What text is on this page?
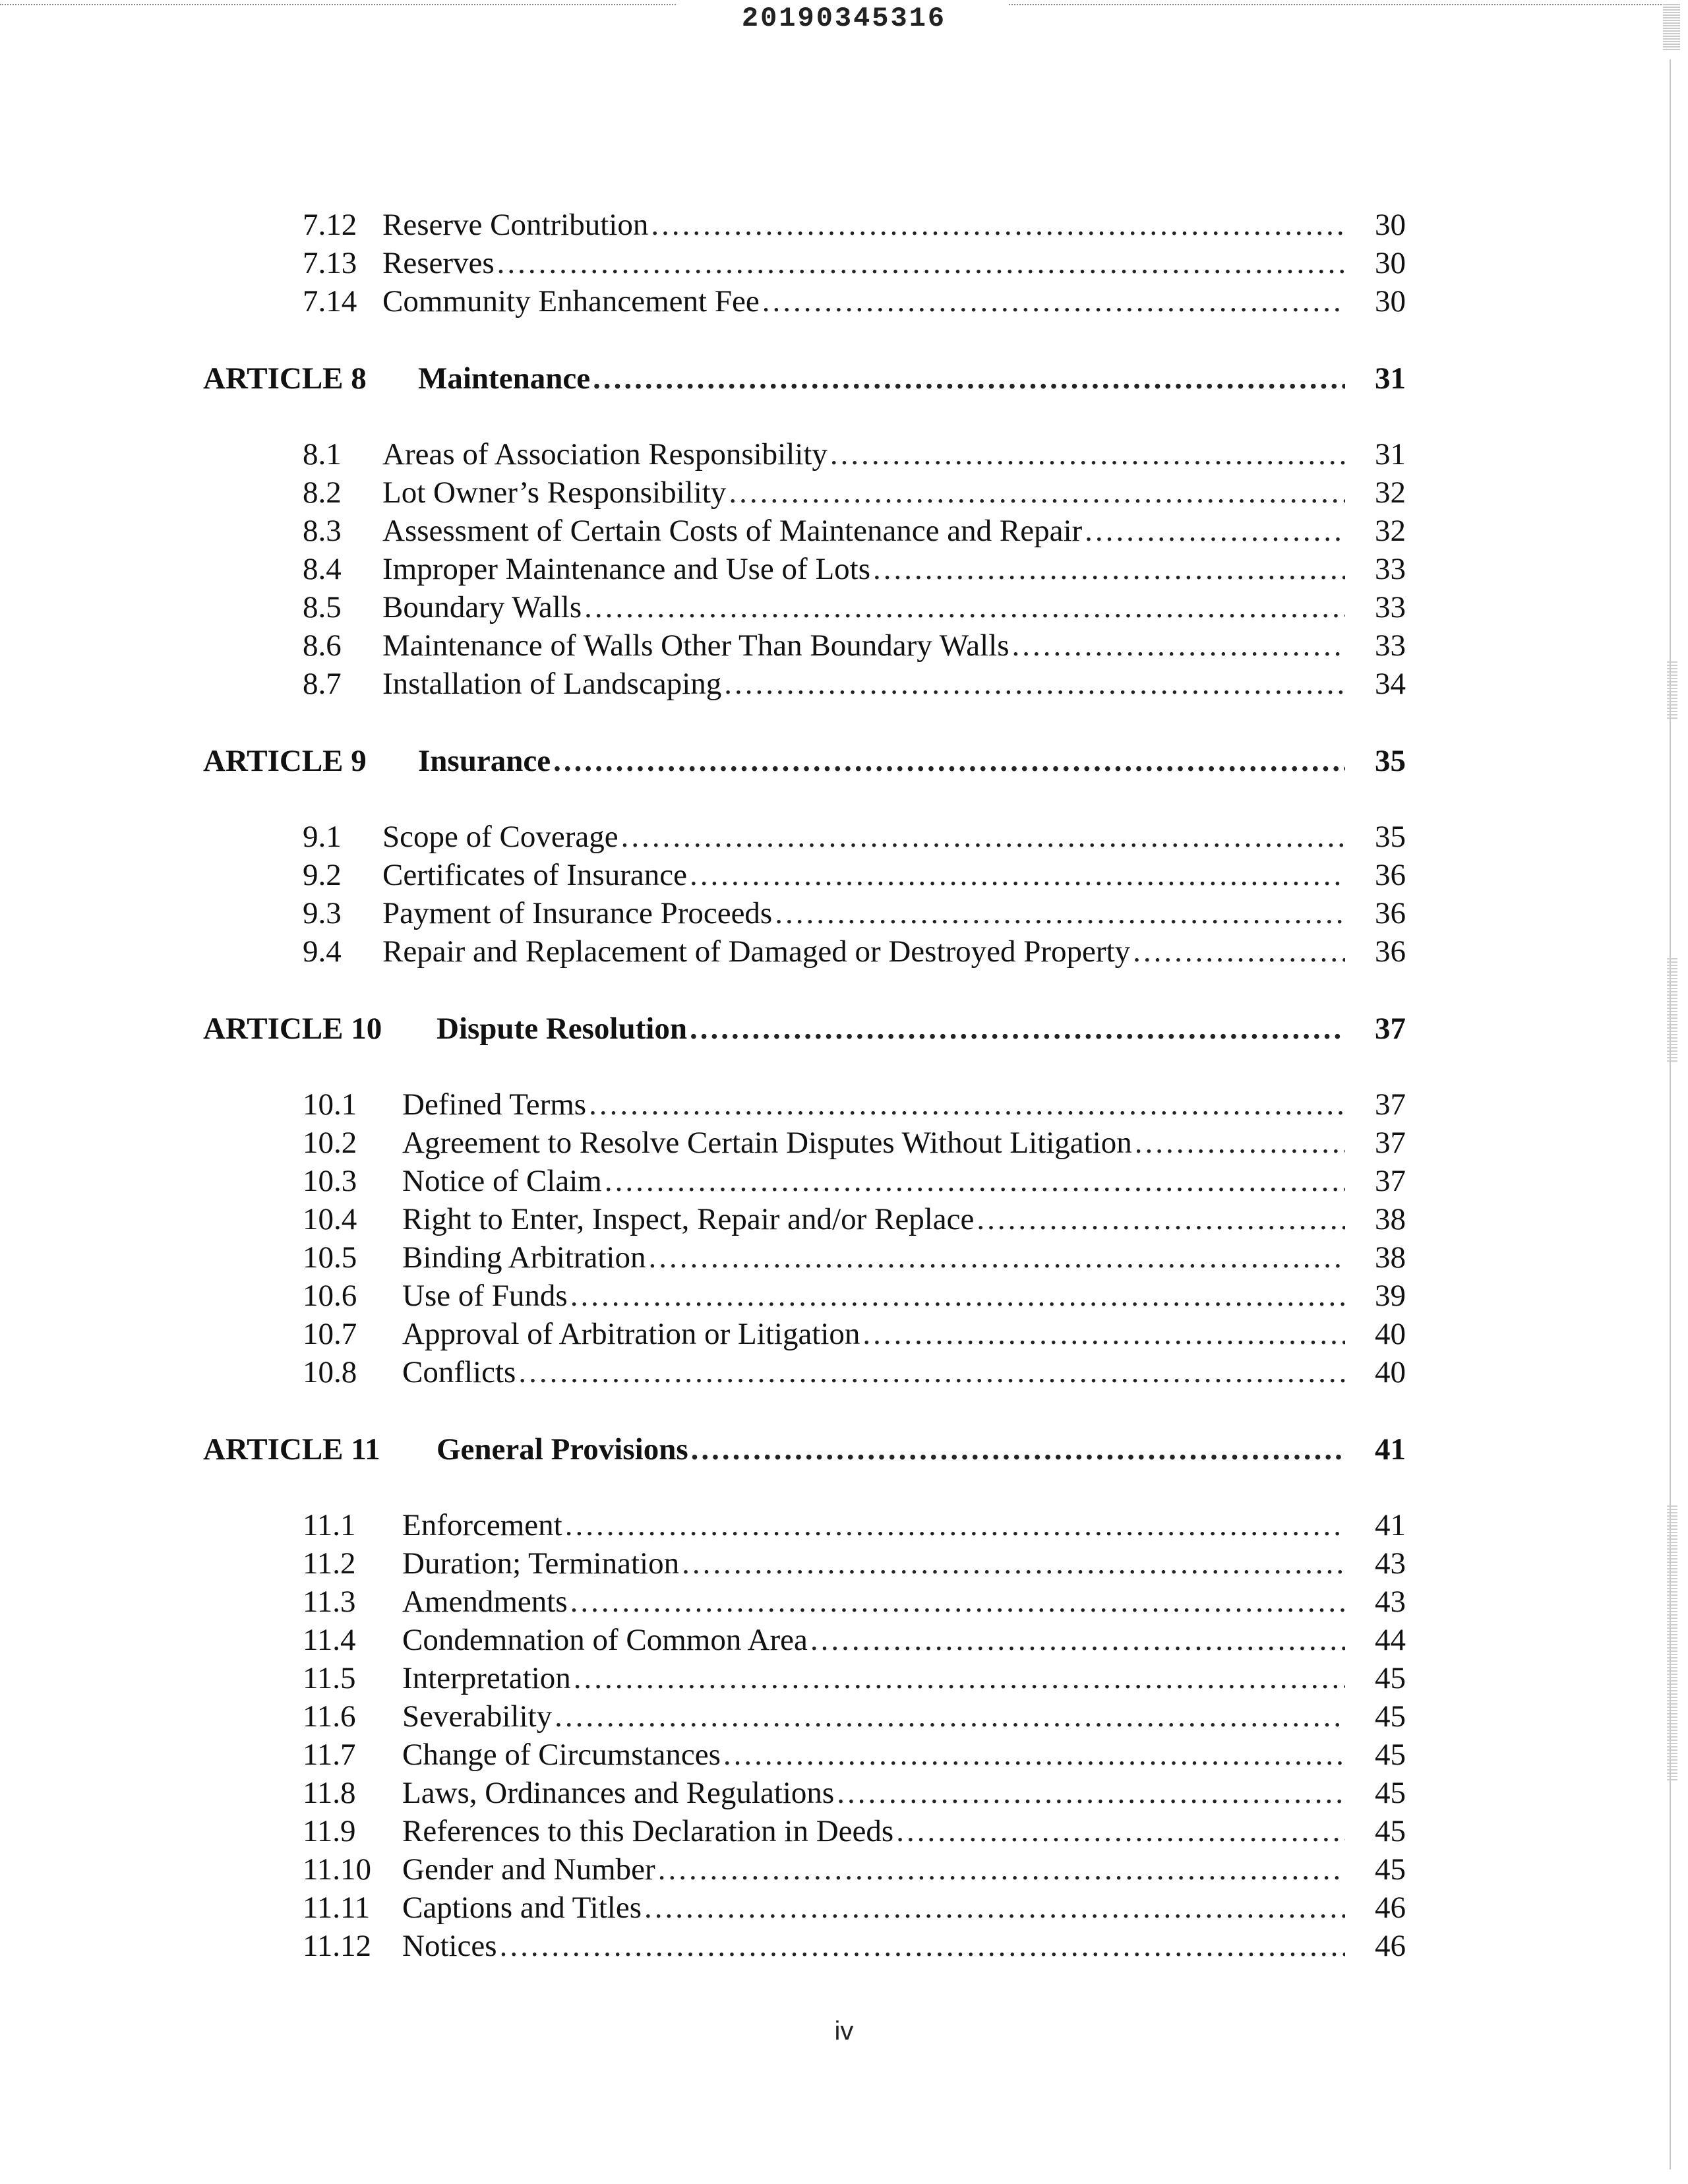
20190345316
7.12 Reserve Contribution .....	30
7.13 Reserves .....	30
7.14 Community Enhancement Fee .....	30
ARTICLE 8 Maintenance .....	31
8.1 Areas of Association Responsibility .....	31
8.2 Lot Owner’s Responsibility .....	32
8.3 Assessment of Certain Costs of Maintenance and Repair .....	32
8.4 Improper Maintenance and Use of Lots .....	33
8.5 Boundary Walls .....	33
8.6 Maintenance of Walls Other Than Boundary Walls .....	33
8.7 Installation of Landscaping .....	34
ARTICLE 9 Insurance .....	35
9.1 Scope of Coverage .....	35
9.2 Certificates of Insurance .....	36
9.3 Payment of Insurance Proceeds .....	36
9.4 Repair and Replacement of Damaged or Destroyed Property .....	36
ARTICLE 10 Dispute Resolution .....	37
10.1 Defined Terms .....	37
10.2 Agreement to Resolve Certain Disputes Without Litigation .....	37
10.3 Notice of Claim .....	37
10.4 Right to Enter, Inspect, Repair and/or Replace .....	38
10.5 Binding Arbitration .....	38
10.6 Use of Funds .....	39
10.7 Approval of Arbitration or Litigation .....	40
10.8 Conflicts .....	40
ARTICLE 11 General Provisions .....	41
11.1 Enforcement .....	41
11.2 Duration; Termination .....	43
11.3 Amendments .....	43
11.4 Condemnation of Common Area .....	44
11.5 Interpretation .....	45
11.6 Severability .....	45
11.7 Change of Circumstances .....	45
11.8 Laws, Ordinances and Regulations .....	45
11.9 References to this Declaration in Deeds .....	45
11.10 Gender and Number .....	45
11.11 Captions and Titles .....	46
11.12 Notices .....	46
iv
